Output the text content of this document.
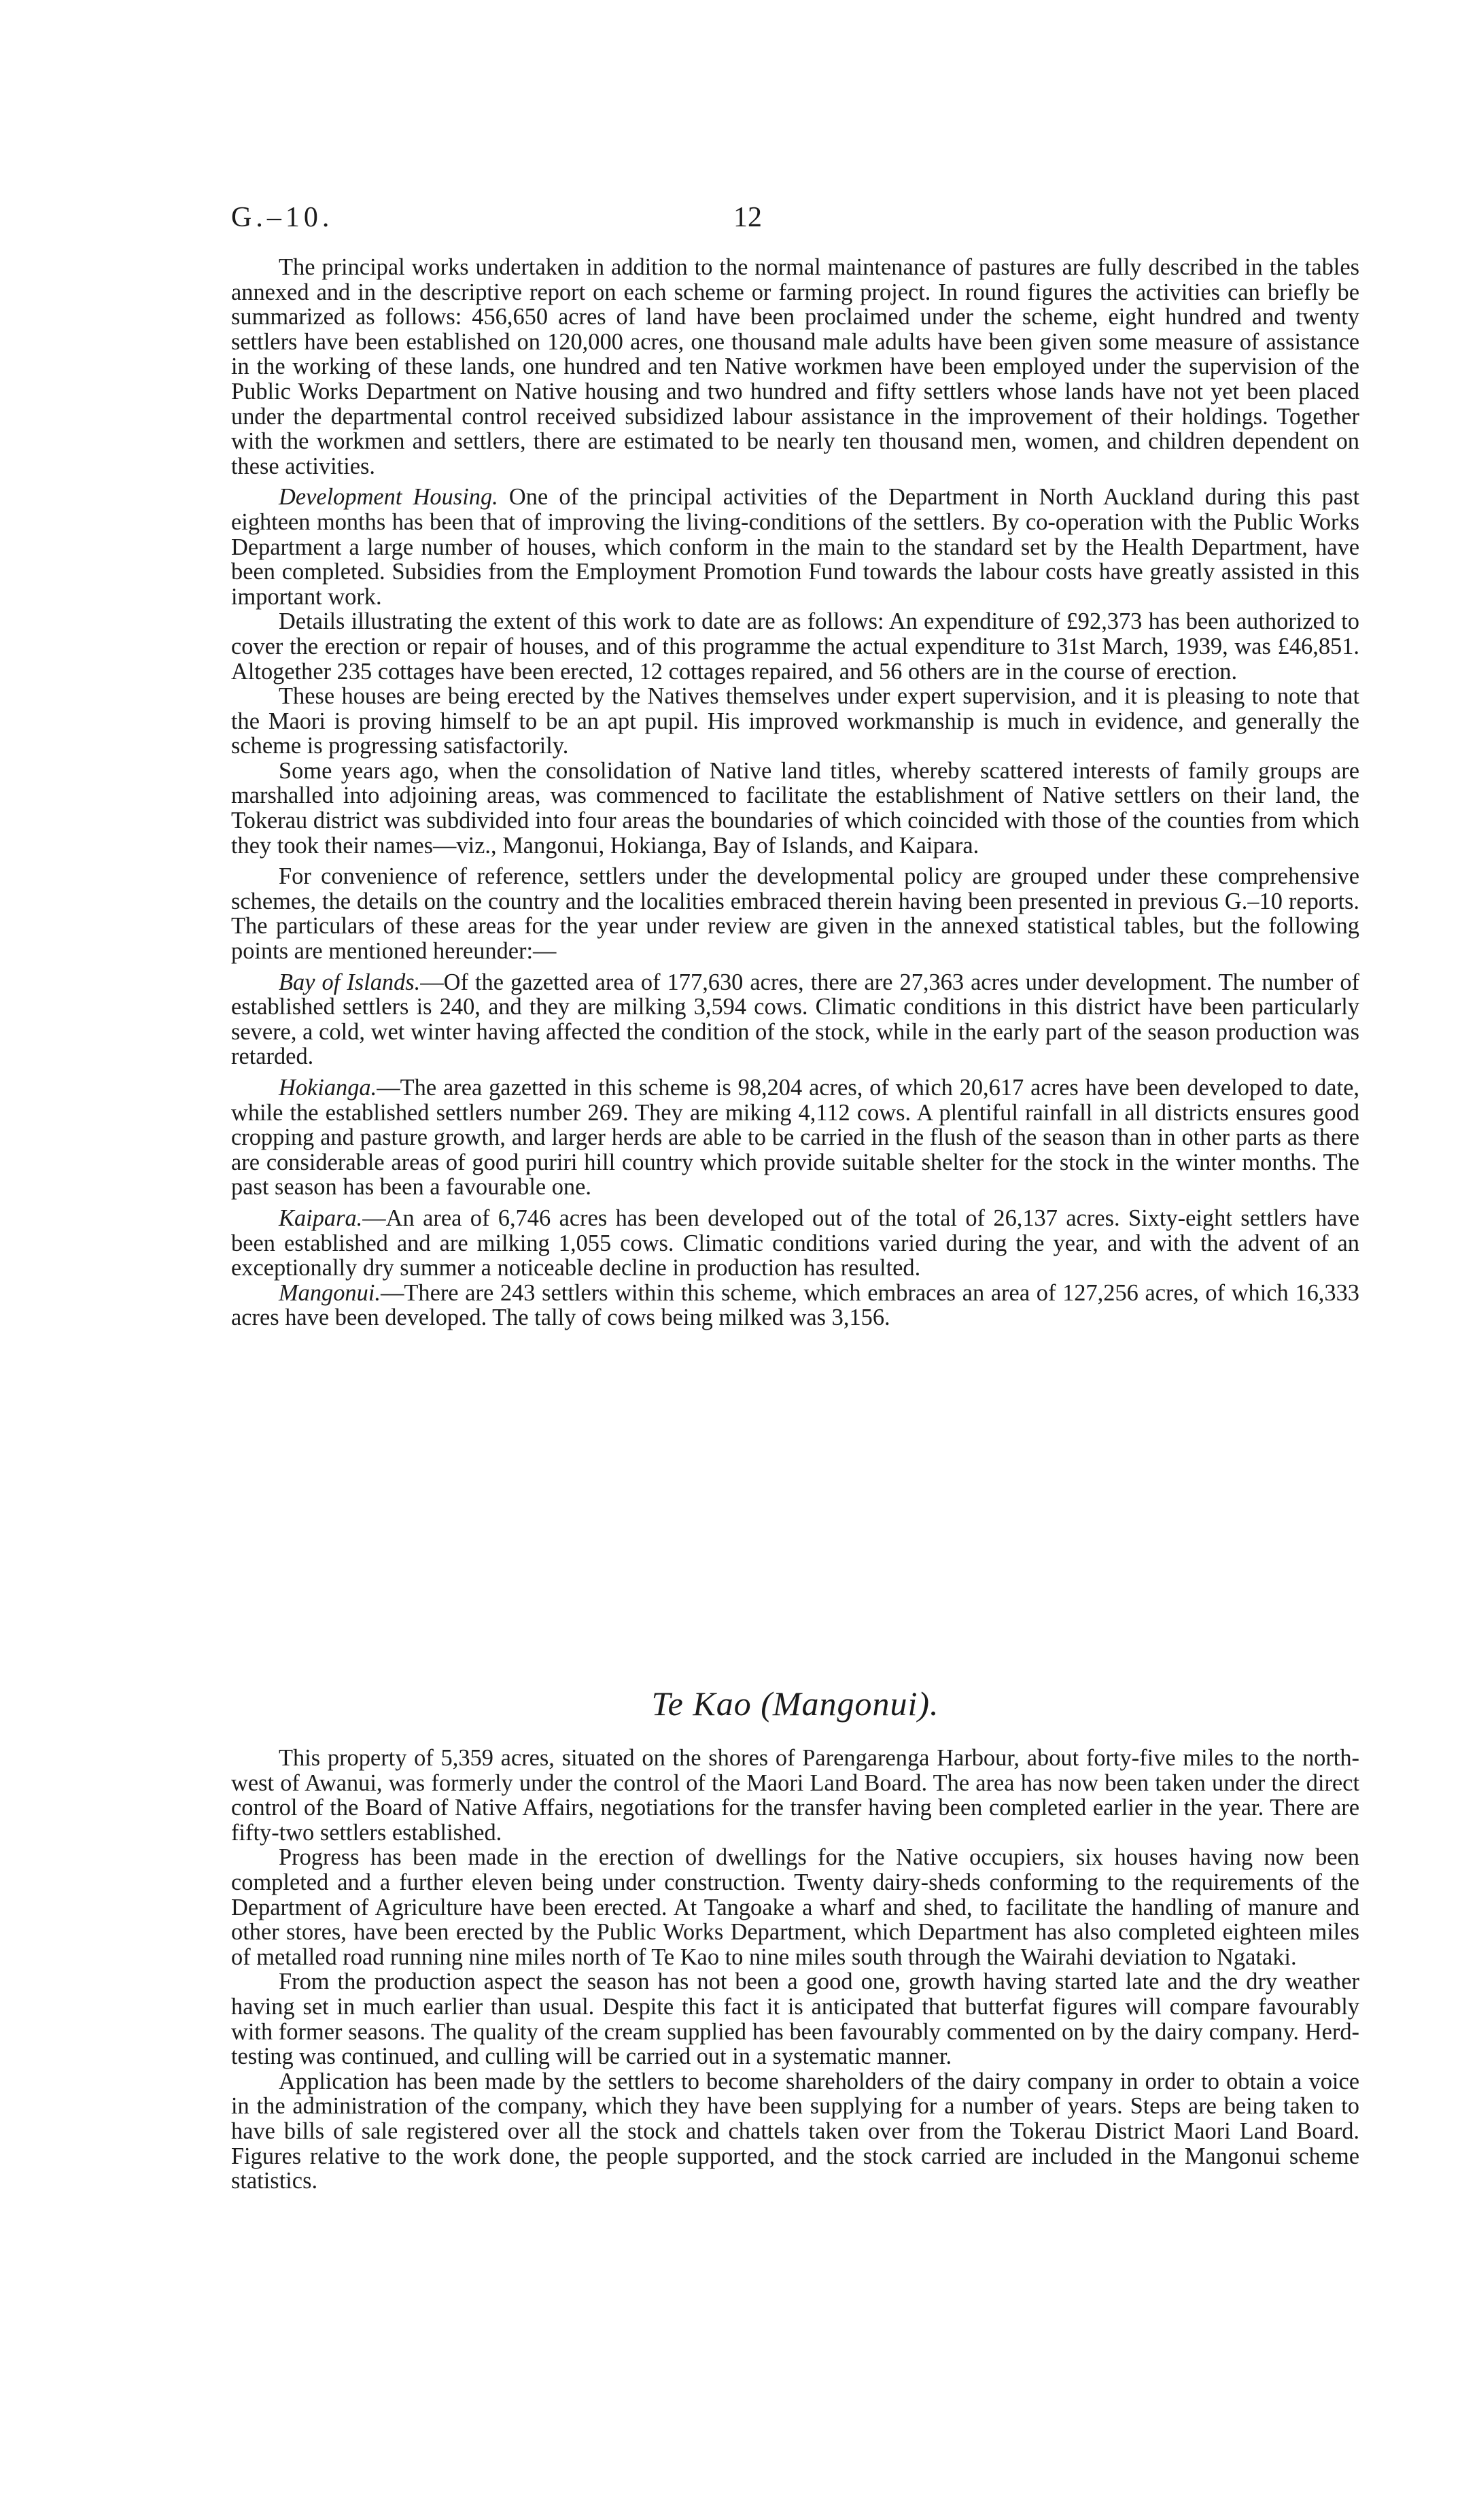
G.–10.	12

The principal works undertaken in addition to the normal maintenance of pastures are fully described in the tables annexed and in the descriptive report on each scheme or farming project. In round figures the activities can briefly be summarized as follows: 456,650 acres of land have been proclaimed under the scheme, eight hundred and twenty settlers have been established on 120,000 acres, one thousand male adults have been given some measure of assistance in the working of these lands, one hundred and ten Native workmen have been employed under the supervision of the Public Works Department on Native housing and two hundred and fifty settlers whose lands have not yet been placed under the departmental control received subsidized labour assistance in the improvement of their holdings. Together with the workmen and settlers, there are estimated to be nearly ten thousand men, women, and children dependent on these activities.

Development Housing. One of the principal activities of the Department in North Auckland during this past eighteen months has been that of improving the living-conditions of the settlers. By co-operation with the Public Works Department a large number of houses, which conform in the main to the standard set by the Health Department, have been completed. Subsidies from the Employment Promotion Fund towards the labour costs have greatly assisted in this important work.

Details illustrating the extent of this work to date are as follows: An expenditure of £92,373 has been authorized to cover the erection or repair of houses, and of this programme the actual expenditure to 31st March, 1939, was £46,851. Altogether 235 cottages have been erected, 12 cottages repaired, and 56 others are in the course of erection.

These houses are being erected by the Natives themselves under expert supervision, and it is pleasing to note that the Maori is proving himself to be an apt pupil. His improved workmanship is much in evidence, and generally the scheme is progressing satisfactorily.

Some years ago, when the consolidation of Native land titles, whereby scattered interests of family groups are marshalled into adjoining areas, was commenced to facilitate the establishment of Native settlers on their land, the Tokerau district was subdivided into four areas the boundaries of which coincided with those of the counties from which they took their names—viz., Mangonui, Hokianga, Bay of Islands, and Kaipara.

For convenience of reference, settlers under the developmental policy are grouped under these comprehensive schemes, the details on the country and the localities embraced therein having been presented in previous G.–10 reports. The particulars of these areas for the year under review are given in the annexed statistical tables, but the following points are mentioned hereunder:—

Bay of Islands.—Of the gazetted area of 177,630 acres, there are 27,363 acres under development. The number of established settlers is 240, and they are milking 3,594 cows. Climatic conditions in this district have been particularly severe, a cold, wet winter having affected the condition of the stock, while in the early part of the season production was retarded.

Hokianga.—The area gazetted in this scheme is 98,204 acres, of which 20,617 acres have been developed to date, while the established settlers number 269. They are miking 4,112 cows. A plentiful rainfall in all districts ensures good cropping and pasture growth, and larger herds are able to be carried in the flush of the season than in other parts as there are considerable areas of good puriri hill country which provide suitable shelter for the stock in the winter months. The past season has been a favourable one.

Kaipara.—An area of 6,746 acres has been developed out of the total of 26,137 acres. Sixty-eight settlers have been established and are milking 1,055 cows. Climatic conditions varied during the year, and with the advent of an exceptionally dry summer a noticeable decline in production has resulted.

Mangonui.—There are 243 settlers within this scheme, which embraces an area of 127,256 acres, of which 16,333 acres have been developed. The tally of cows being milked was 3,156.

Te Kao (Mangonui).

This property of 5,359 acres, situated on the shores of Parengarenga Harbour, about forty-five miles to the north-west of Awanui, was formerly under the control of the Maori Land Board. The area has now been taken under the direct control of the Board of Native Affairs, negotiations for the transfer having been completed earlier in the year. There are fifty-two settlers established.

Progress has been made in the erection of dwellings for the Native occupiers, six houses having now been completed and a further eleven being under construction. Twenty dairy-sheds conforming to the requirements of the Department of Agriculture have been erected. At Tangoake a wharf and shed, to facilitate the handling of manure and other stores, have been erected by the Public Works Department, which Department has also completed eighteen miles of metalled road running nine miles north of Te Kao to nine miles south through the Wairahi deviation to Ngataki.

From the production aspect the season has not been a good one, growth having started late and the dry weather having set in much earlier than usual. Despite this fact it is anticipated that butterfat figures will compare favourably with former seasons. The quality of the cream supplied has been favourably commented on by the dairy company. Herd-testing was continued, and culling will be carried out in a systematic manner.

Application has been made by the settlers to become shareholders of the dairy company in order to obtain a voice in the administration of the company, which they have been supplying for a number of years. Steps are being taken to have bills of sale registered over all the stock and chattels taken over from the Tokerau District Maori Land Board. Figures relative to the work done, the people supported, and the stock carried are included in the Mangonui scheme statistics.
